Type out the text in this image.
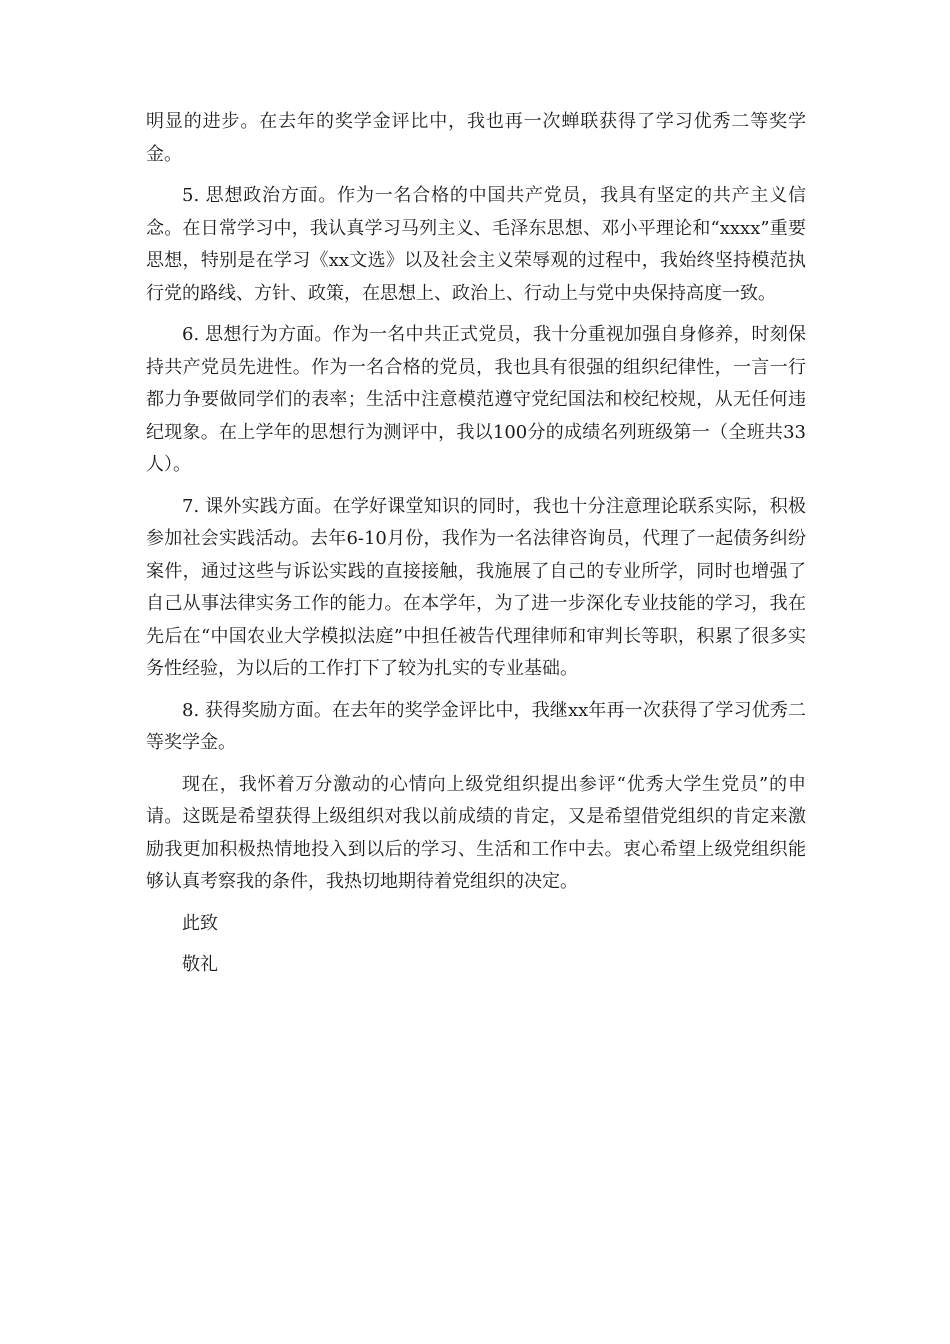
明显的进步。在去年的奖学金评比中，我也再一次蝉联获得了学习优秀二等奖学金。

5. 思想政治方面。作为一名合格的中国共产党员，我具有坚定的共产主义信念。在日常学习中，我认真学习马列主义、毛泽东思想、邓小平理论和“xxxx”重要思想，特别是在学习《xx文选》以及社会主义荣辱观的过程中，我始终坚持模范执行党的路线、方针、政策，在思想上、政治上、行动上与党中央保持高度一致。

6. 思想行为方面。作为一名中共正式党员，我十分重视加强自身修养，时刻保持共产党员先进性。作为一名合格的党员，我也具有很强的组织纪律性，一言一行都力争要做同学们的表率；生活中注意模范遵守党纪国法和校纪校规，从无任何违纪现象。在上学年的思想行为测评中，我以100分的成绩名列班级第一（全班共33人）。

7. 课外实践方面。在学好课堂知识的同时，我也十分注意理论联系实际，积极参加社会实践活动。去年6-10月份，我作为一名法律咨询员，代理了一起债务纠纷案件，通过这些与诉讼实践的直接接触，我施展了自己的专业所学，同时也增强了自己从事法律实务工作的能力。在本学年，为了进一步深化专业技能的学习，我在先后在“中国农业大学模拟法庭”中担任被告代理律师和审判长等职，积累了很多实务性经验，为以后的工作打下了较为扎实的专业基础。

8. 获得奖励方面。在去年的奖学金评比中，我继xx年再一次获得了学习优秀二等奖学金。

现在，我怀着万分激动的心情向上级党组织提出参评“优秀大学生党员”的申请。这既是希望获得上级组织对我以前成绩的肯定，又是希望借党组织的肯定来激励我更加积极热情地投入到以后的学习、生活和工作中去。衷心希望上级党组织能够认真考察我的条件，我热切地期待着党组织的决定。

此致

敬礼
